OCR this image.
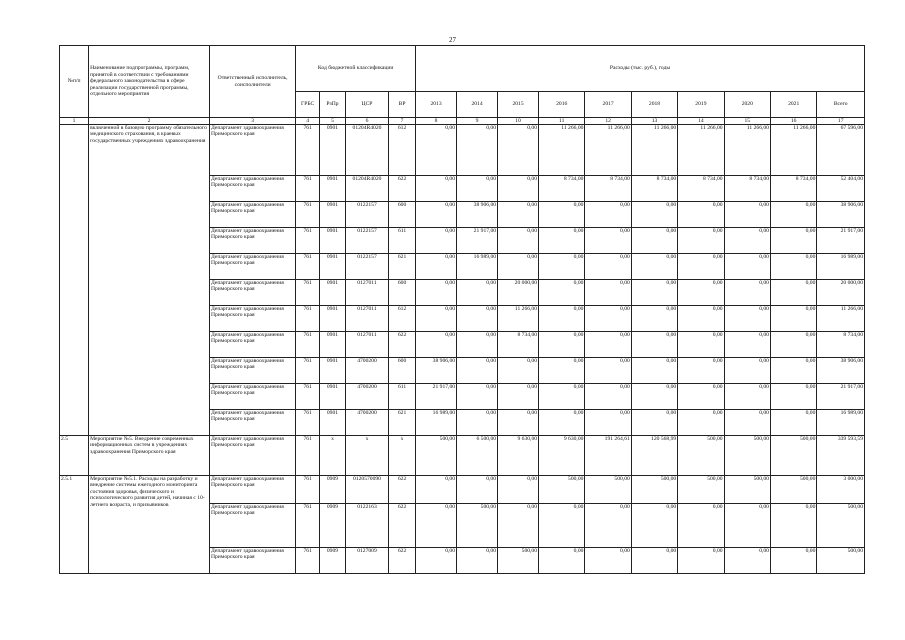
27
№п/п	Наименование подпрограммы, программ, принятой в соответствии с требованиями федерального законодательства в сфере реализации государственной программы, отдельного мероприятия	Ответственный исполнитель, соисполнители	Код бюджетной классификации				Расходы (тыс. руб.), годы									
			ГРБС	РзПр	ЦСР	ВР	2013	2014	2015	2016	2017	2018	2019	2020	2021	Всего
1	2	3	4	5	6	7	8	9	10	11	12	13	14	15	16	17
	включенной в базовую программу обязательного медицинского страхования, в краевых государственных учреждениях здравоохранения	Департамент здравоохранения Приморского края	761	0901	01204R4020	612	0,00	0,00	0,00	11 266,00	11 266,00	11 266,00	11 266,00	11 266,00	11 266,00	67 596,00
		Департамент здравоохранения Приморского края	761	0901	01204R4020	622	0,00	0,00	0,00	8 734,00	8 734,00	8 734,00	8 734,00	8 734,00	8 734,00	52 404,00
		Департамент здравоохранения Приморского края	761	0901	0122157	600	0,00	38 906,00	0,00	0,00	0,00	0,00	0,00	0,00	0,00	38 906,00
		Департамент здравоохранения Приморского края	761	0901	0122157	611	0,00	21 917,00	0,00	0,00	0,00	0,00	0,00	0,00	0,00	21 917,00
		Департамент здравоохранения Приморского края	761	0901	0122157	621	0,00	16 989,00	0,00	0,00	0,00	0,00	0,00	0,00	0,00	16 989,00
		Департамент здравоохранения Приморского края	761	0901	0127011	600	0,00	0,00	20 000,00	0,00	0,00	0,00	0,00	0,00	0,00	20 000,00
		Департамент здравоохранения Приморского края	761	0901	0127011	612	0,00	0,00	11 266,00	0,00	0,00	0,00	0,00	0,00	0,00	11 266,00
		Департамент здравоохранения Приморского края	761	0901	0127011	622	0,00	0,00	8 734,00	0,00	0,00	0,00	0,00	0,00	0,00	8 734,00
		Департамент здравоохранения Приморского края	761	0901	4700200	600	38 906,00	0,00	0,00	0,00	0,00	0,00	0,00	0,00	0,00	38 906,00
		Департамент здравоохранения Приморского края	761	0901	4700200	611	21 917,00	0,00	0,00	0,00	0,00	0,00	0,00	0,00	0,00	21 917,00
		Департамент здравоохранения Приморского края	761	0901	4700200	621	16 989,00	0,00	0,00	0,00	0,00	0,00	0,00	0,00	0,00	16 989,00
2.5	Мероприятие №5. Внедрение современных информационных систем в учреждениях здравоохранения Приморского края	Департамент здравоохранения Приморского края	761	x	x	x	500,00	6 500,00	9 630,00	9 630,00	191 264,61	120 568,99	500,00	500,00	500,00	339 593,59
2.5.1	Мероприятие №5.1. Расходы на разработку и внедрение системы ежегодного мониторинга состояния здоровья, физического и психологического развития детей, начиная с 10-летнего возраста, и призывников	Департамент здравоохранения Приморского края	761	0909	0120570090	622	0,00	0,00	0,00	500,00	500,00	500,00	500,00	500,00	500,00	3 000,00
		Департамент здравоохранения Приморского края	761	0909	0122163	622	0,00	500,00	0,00	0,00	0,00	0,00	0,00	0,00	0,00	500,00
		Департамент здравоохранения Приморского края	761	0909	0127009	622	0,00	0,00	500,00	0,00	0,00	0,00	0,00	0,00	0,00	500,00
